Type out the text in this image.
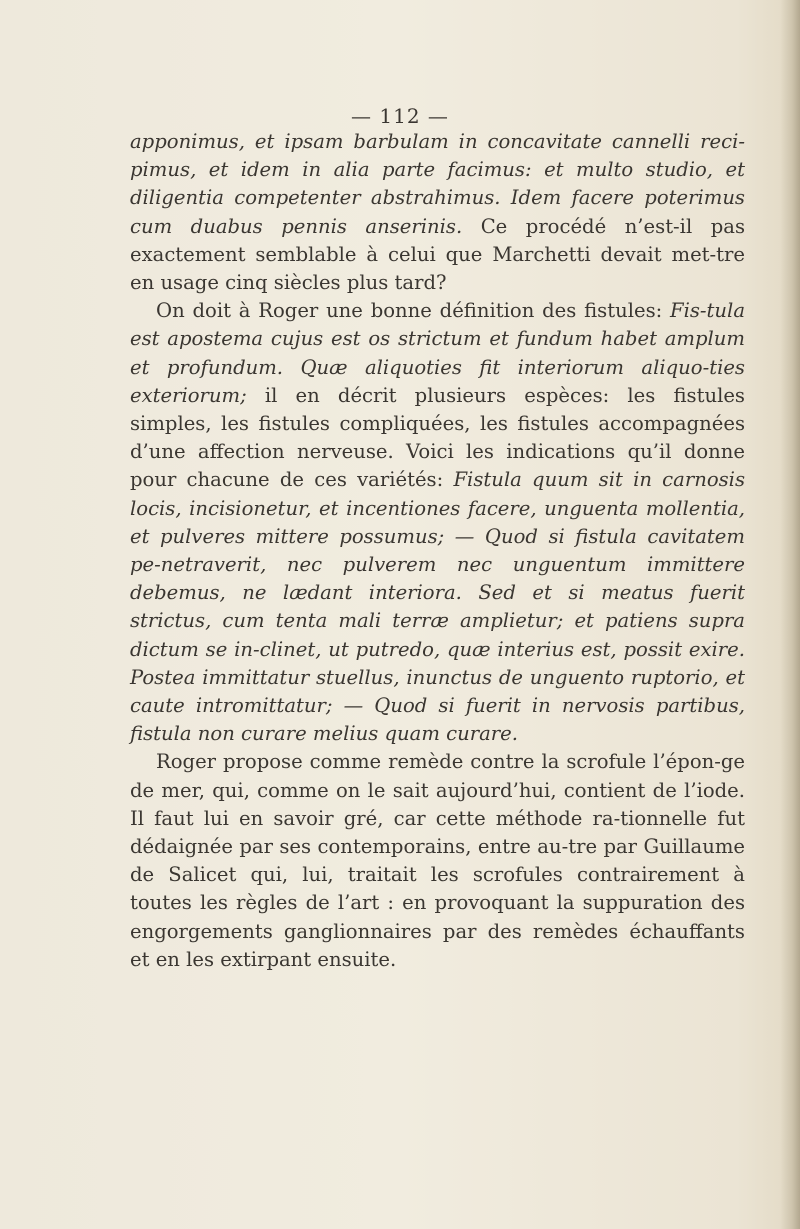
— 112 —

apponimus, et ipsam barbulam in concavitate cannelli reci-pimus, et idem in alia parte facimus: et multo studio, et diligentia competenter abstrahimus. Idem facere poterimus cum duabus pennis anserinis. Ce procédé n’est-il pas exactement semblable à celui que Marchetti devait met-tre en usage cinq siècles plus tard?

On doit à Roger une bonne définition des fistules: Fis-tula est apostema cujus est os strictum et fundum habet amplum et profundum. Quæ aliquoties fit interiorum aliquo-ties exteriorum; il en décrit plusieurs espèces: les fistules simples, les fistules compliquées, les fistules accompagnées d’une affection nerveuse. Voici les indications qu’il donne pour chacune de ces variétés: Fistula quum sit in carnosis locis, incisionetur, et incentiones facere, unguenta mollentia, et pulveres mittere possumus; — Quod si fistula cavitatem pe-netraverit, nec pulverem nec unguentum immittere debemus, ne lædant interiora. Sed et si meatus fuerit strictus, cum tenta mali terræ amplietur; et patiens supra dictum se in-clinet, ut putredo, quæ interius est, possit exire. Postea immittatur stuellus, inunctus de unguento ruptorio, et caute intromittatur; — Quod si fuerit in nervosis partibus, fistula non curare melius quam curare.

Roger propose comme remède contre la scrofule l’épon-ge de mer, qui, comme on le sait aujourd’hui, contient de l’iode. Il faut lui en savoir gré, car cette méthode ra-tionnelle fut dédaignée par ses contemporains, entre au-tre par Guillaume de Salicet qui, lui, traitait les scrofules contrairement à toutes les règles de l’art : en provoquant la suppuration des engorgements ganglionnaires par des remèdes échauffants et en les extirpant ensuite.
